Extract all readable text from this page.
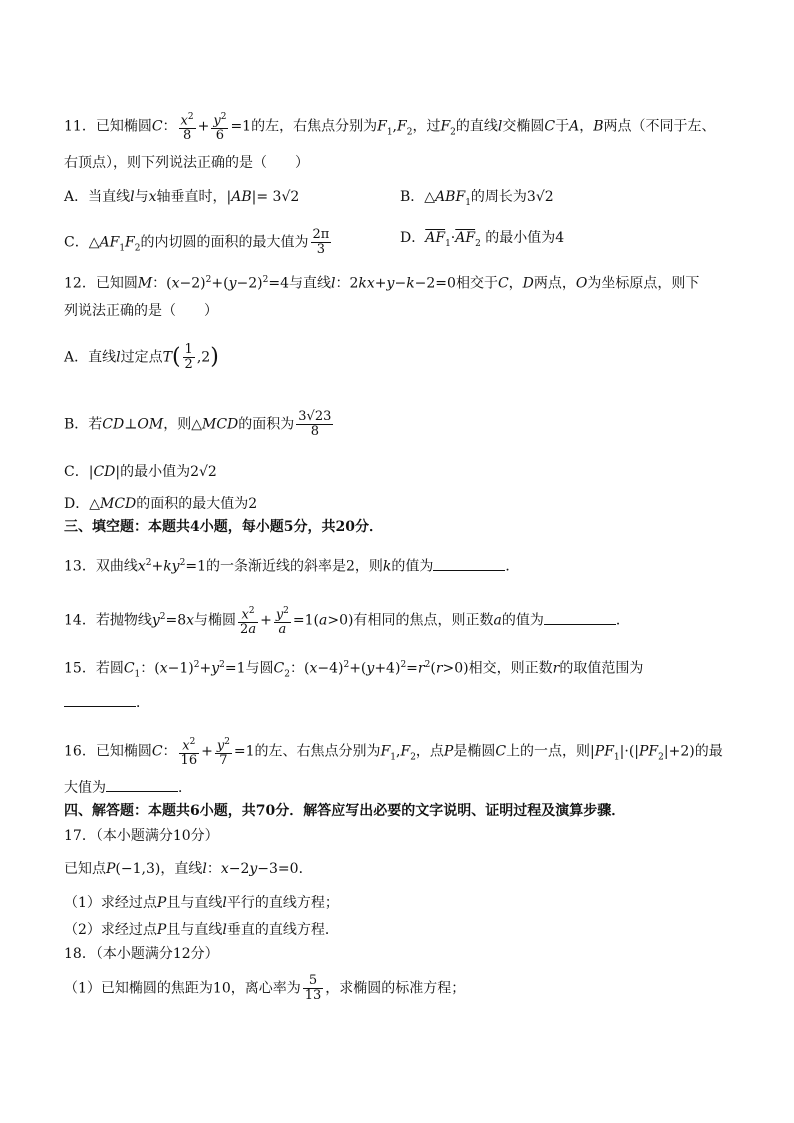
11．已知椭圆C： $\frac{x^2}{8} + \frac{y^2}{6} =1$的左，右焦点分别为$F_1,F_2$，过$F_2$的直线l交椭圆C于A，B两点（不同于左、
右顶点），则下列说法正确的是（　　）
A．当直线l与x轴垂直时，|AB|= 3√2	B．$\triangle ABF_1$的周长为3√2
C．$\triangle AF_1F_2$的内切圆的面积的最大值为 $\frac{2\pi}{3}$	D．$\overline{AF}_1\cdot\overline{AF}_2$ 的最小值为4
12．已知圆M：$(x-2)^2+(y-2)^2=4$与直线l：2kx+y−k−2=0相交于C，D两点，O为坐标原点，则下
列说法正确的是（　　）
A．直线l过定点$T( \frac{1}{2} ,2)$
B．若CD⊥OM，则△MCD的面积为 $\frac{3√23}{8}$
C．|CD|的最小值为2√2
D．△MCD的面积的最大值为2
三、填空题：本题共4小题，每小题5分，共20分．
13．双曲线$x^2+ky^2=1$的一条渐近线的斜率是2，则k的值为	．
14．若抛物线$y^2=8x$与椭圆 $\frac{x^2}{2a} + \frac{y^2}{a} =1(a>0)$有相同的焦点，则正数a的值为	．
15．若圆$C_1$：$(x-1)^2+y^2=1$与圆$C_2$：$(x-4)^2+(y+4)^2=r^2(r>0)$相交，则正数r的取值范围为
．
16．已知椭圆C： $\frac{x^2}{16} + \frac{y^2}{7} =1$的左、右焦点分别为$F_1,F_2$，点P是椭圆C上的一点，则$|PF_1|\cdot(|PF_2|+2)$的最
大值为	．
四、解答题：本题共6小题，共70分．解答应写出必要的文字说明、证明过程及演算步骤．
17．（本小题满分10分）
已知点P(−1,3)，直线l：x−2y−3=0．
（1）求经过点P且与直线l平行的直线方程；
（2）求经过点P且与直线l垂直的直线方程．
18．（本小题满分12分）
（1）已知椭圆的焦距为10，离心率为 $\frac{5}{13}$ ，求椭圆的标准方程；
